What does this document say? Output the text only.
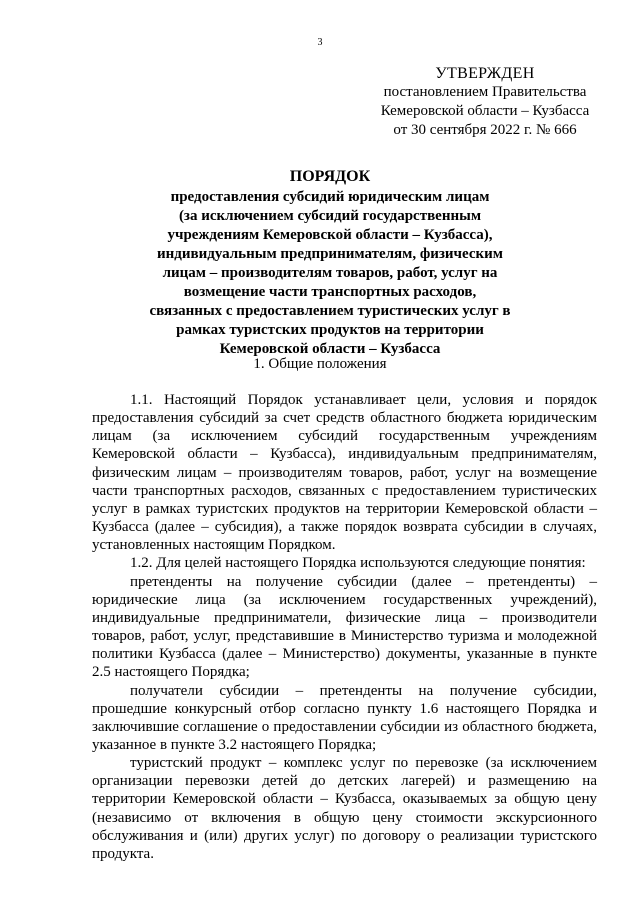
3
УТВЕРЖДЕН
постановлением Правительства
Кемеровской области – Кузбасса
от 30 сентября 2022 г. № 666
ПОРЯДОК
предоставления субсидий юридическим лицам
(за исключением субсидий государственным
учреждениям Кемеровской области – Кузбасса),
индивидуальным предпринимателям, физическим
лицам – производителям товаров, работ, услуг на
возмещение части транспортных расходов,
связанных с предоставлением туристических услуг в
рамках туристских продуктов на территории
Кемеровской области – Кузбасса
1. Общие положения

1.1. Настоящий Порядок устанавливает цели, условия и порядок предоставления субсидий за счет средств областного бюджета юридическим лицам (за исключением субсидий государственным учреждениям Кемеровской области – Кузбасса), индивидуальным предпринимателям, физическим лицам – производителям товаров, работ, услуг на возмещение части транспортных расходов, связанных с предоставлением туристических услуг в рамках туристских продуктов на территории Кемеровской области – Кузбасса (далее – субсидия), а также порядок возврата субсидии в случаях, установленных настоящим Порядком.

1.2. Для целей настоящего Порядка используются следующие понятия:

претенденты на получение субсидии (далее – претенденты) – юридические лица (за исключением государственных учреждений), индивидуальные предприниматели, физические лица – производители товаров, работ, услуг, представившие в Министерство туризма и молодежной политики Кузбасса (далее – Министерство) документы, указанные в пункте 2.5 настоящего Порядка;

получатели субсидии – претенденты на получение субсидии, прошедшие конкурсный отбор согласно пункту 1.6 настоящего Порядка и заключившие соглашение о предоставлении субсидии из областного бюджета, указанное в пункте 3.2 настоящего Порядка;

туристский продукт – комплекс услуг по перевозке (за исключением организации перевозки детей до детских лагерей) и размещению на территории Кемеровской области – Кузбасса, оказываемых за общую цену (независимо от включения в общую цену стоимости экскурсионного обслуживания и (или) других услуг) по договору о реализации туристского продукта.
